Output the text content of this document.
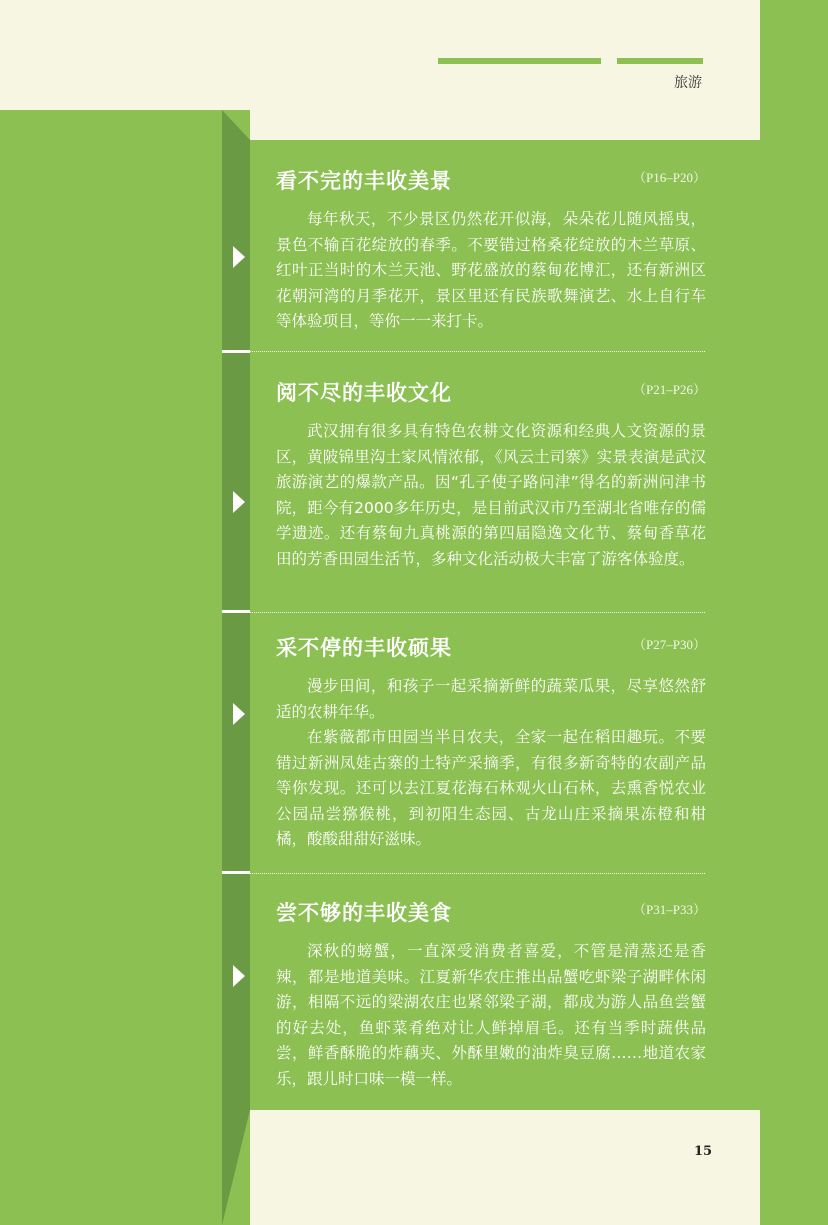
旅游
看不完的丰收美景	（P16–P20）

每年秋天，不少景区仍然花开似海，朵朵花儿随风摇曳，景色不输百花绽放的春季。不要错过格桑花绽放的木兰草原、红叶正当时的木兰天池、野花盛放的蔡甸花博汇，还有新洲区花朝河湾的月季花开，景区里还有民族歌舞演艺、水上自行车等体验项目，等你一一来打卡。

阅不尽的丰收文化	（P21–P26）

武汉拥有很多具有特色农耕文化资源和经典人文资源的景区，黄陂锦里沟土家风情浓郁，《风云土司寨》实景表演是武汉旅游演艺的爆款产品。因“孔子使子路问津”得名的新洲问津书院，距今有2000多年历史，是目前武汉市乃至湖北省唯存的儒学遗迹。还有蔡甸九真桃源的第四届隐逸文化节、蔡甸香草花田的芳香田园生活节，多种文化活动极大丰富了游客体验度。

采不停的丰收硕果	（P27–P30）

漫步田间，和孩子一起采摘新鲜的蔬菜瓜果，尽享悠然舒适的农耕年华。

在紫薇都市田园当半日农夫，全家一起在稻田趣玩。不要错过新洲凤娃古寨的土特产采摘季，有很多新奇特的农副产品等你发现。还可以去江夏花海石林观火山石林，去熏香悦农业公园品尝猕猴桃，到初阳生态园、古龙山庄采摘果冻橙和柑橘，酸酸甜甜好滋味。

尝不够的丰收美食	（P31–P33）

深秋的螃蟹，一直深受消费者喜爱，不管是清蒸还是香辣，都是地道美味。江夏新华农庄推出品蟹吃虾梁子湖畔休闲游，相隔不远的梁湖农庄也紧邻梁子湖，都成为游人品鱼尝蟹的好去处，鱼虾菜肴绝对让人鲜掉眉毛。还有当季时蔬供品尝，鲜香酥脆的炸藕夹、外酥里嫩的油炸臭豆腐……地道农家乐，跟儿时口味一模一样。

15
